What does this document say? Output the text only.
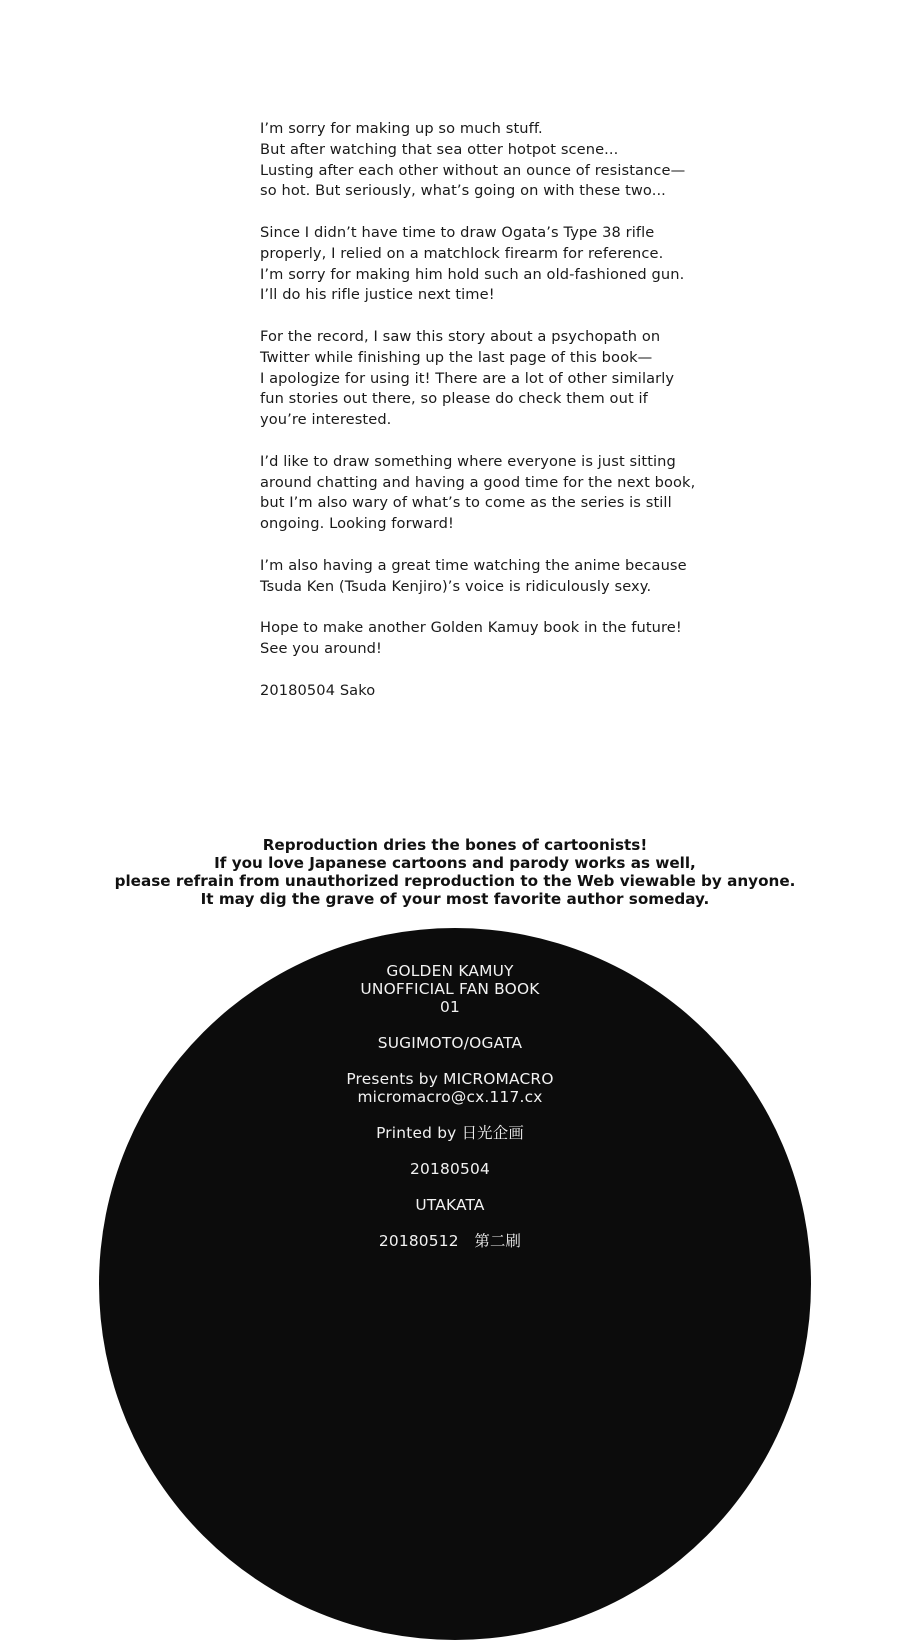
I’m sorry for making up so much stuff.
But after watching that sea otter hotpot scene...
Lusting after each other without an ounce of resistance—
so hot. But seriously, what’s going on with these two...
Since I didn’t have time to draw Ogata’s Type 38 rifle
properly, I relied on a matchlock firearm for reference.
I’m sorry for making him hold such an old-fashioned gun.
I’ll do his rifle justice next time!
For the record, I saw this story about a psychopath on
Twitter while finishing up the last page of this book—
I apologize for using it! There are a lot of other similarly
fun stories out there, so please do check them out if
you’re interested.
I’d like to draw something where everyone is just sitting
around chatting and having a good time for the next book,
but I’m also wary of what’s to come as the series is still
ongoing. Looking forward!
I’m also having a great time watching the anime because
Tsuda Ken (Tsuda Kenjiro)’s voice is ridiculously sexy.
Hope to make another Golden Kamuy book in the future!
See you around!
20180504 Sako
Reproduction dries the bones of cartoonists!
If you love Japanese cartoons and parody works as well,
please refrain from unauthorized reproduction to the Web viewable by anyone.
It may dig the grave of your most favorite author someday.
GOLDEN KAMUY
UNOFFICIAL FAN BOOK
01
SUGIMOTO/OGATA
Presents by MICROMACRO
micromacro@cx.117.cx
Printed by 日光企画
20180504
UTAKATA
20180512　第二刷
